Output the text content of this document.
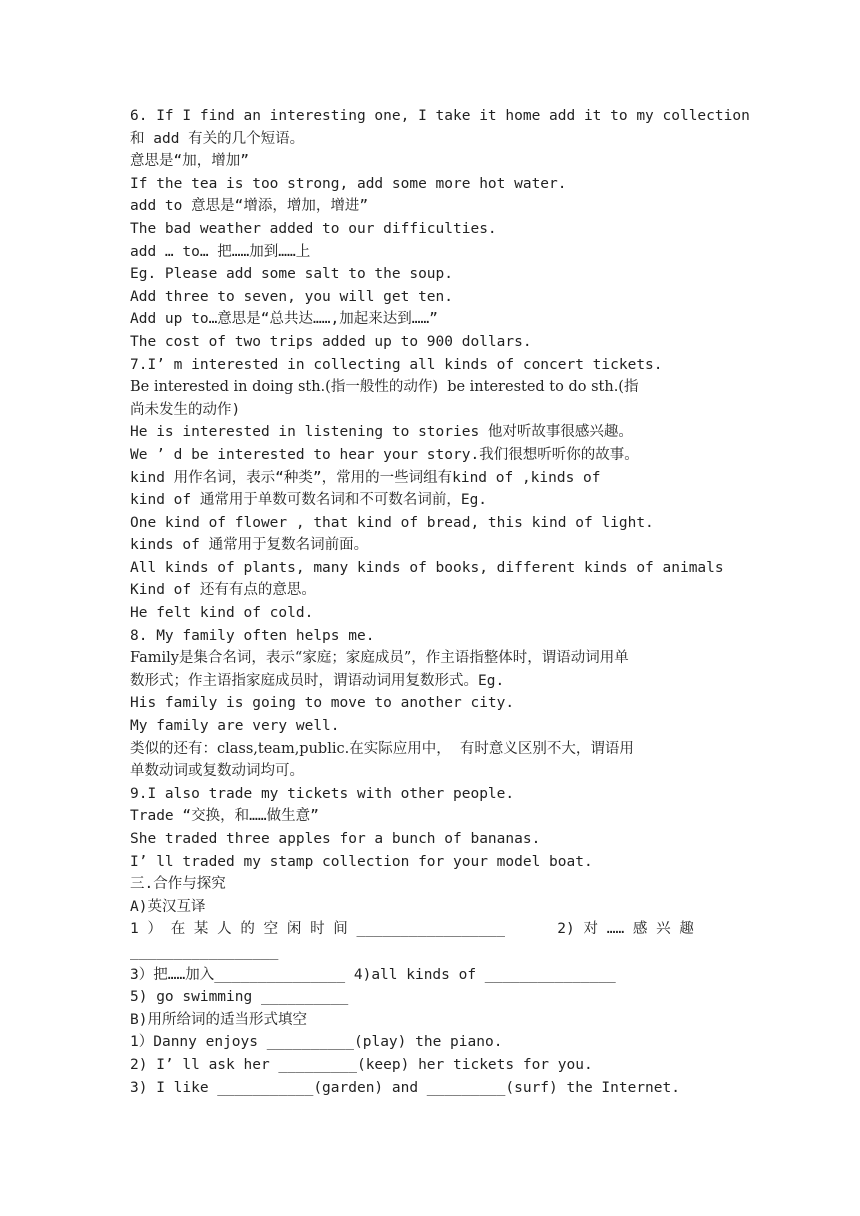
6. If I find an interesting one, I take it home add it to my collection
和 add 有关的几个短语。
意思是“加，增加”
If the tea is too strong, add some more hot water.
add to 意思是“增添，增加，增进”
The bad weather added to our difficulties.
add … to… 把……加到……上
Eg. Please add some salt to the soup.
Add three to seven, you will get ten.
Add up to…意思是“总共达……,加起来达到……”
The cost of two trips added up to 900 dollars.
7.I’ m interested in collecting all kinds of concert tickets.
Be interested in doing sth.(指一般性的动作)  be interested to do sth.(指
尚未发生的动作)
He is interested in listening to stories 他对听故事很感兴趣。
We ’ d be interested to hear your story.我们很想听听你的故事。
kind 用作名词，表示“种类”，常用的一些词组有kind of ,kinds of
kind of 通常用于单数可数名词和不可数名词前，Eg.
One kind of flower , that kind of bread, this kind of light.
kinds of 通常用于复数名词前面。
All kinds of plants, many kinds of books, different kinds of animals
Kind of 还有有点的意思。
He felt kind of cold.
8. My family often helps me.
Family是集合名词，表示“家庭；家庭成员”，作主语指整体时，谓语动词用单
数形式；作主语指家庭成员时，谓语动词用复数形式。Eg.
His family is going to move to another city.
My family are very well.
类似的还有：class,team,public.在实际应用中，  有时意义区别不大，谓语用
单数动词或复数动词均可。
9.I also trade my tickets with other people.
Trade “交换，和……做生意”
She traded three apples for a bunch of bananas.
I’ ll traded my stamp collection for your model boat.
三.合作与探究
A)英汉互译
1 ） 在 某 人 的 空 闲 时 间 _________________      2) 对 …… 感 兴 趣
_________________
3）把……加入_______________ 4)all kinds of _______________
5) go swimming __________
B)用所给词的适当形式填空
1）Danny enjoys __________(play) the piano.
2) I’ ll ask her _________(keep) her tickets for you.
3) I like ___________(garden) and _________(surf) the Internet.
